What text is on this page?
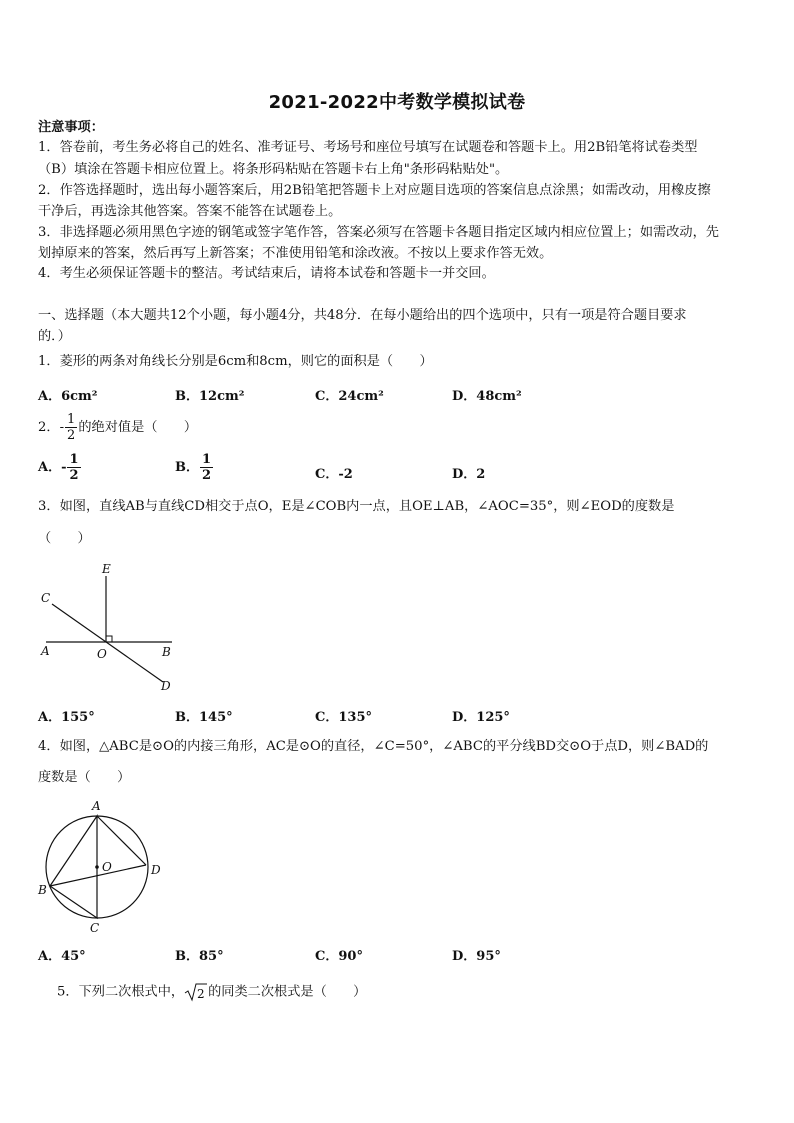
2021-2022中考数学模拟试卷
注意事项：
1．答卷前，考生务必将自己的姓名、准考证号、考场号和座位号填写在试题卷和答题卡上。用2B铅笔将试卷类型
（B）填涂在答题卡相应位置上。将条形码粘贴在答题卡右上角"条形码粘贴处"。
2．作答选择题时，选出每小题答案后，用2B铅笔把答题卡上对应题目选项的答案信息点涂黑；如需改动，用橡皮擦
干净后，再选涂其他答案。答案不能答在试题卷上。
3．非选择题必须用黑色字迹的钢笔或签字笔作答，答案必须写在答题卡各题目指定区域内相应位置上；如需改动，先
划掉原来的答案，然后再写上新答案；不准使用铅笔和涂改液。不按以上要求作答无效。
4．考生必须保证答题卡的整洁。考试结束后，请将本试卷和答题卡一并交回。
一、选择题（本大题共12个小题，每小题4分，共48分．在每小题给出的四个选项中，只有一项是符合题目要求
的．）
1．菱形的两条对角线长分别是6cm和8cm，则它的面积是（　　）
A．6cm²	B．12cm²	C．24cm²	D．48cm²
2．- $\frac{1}{2}$ 的绝对值是（　　）
A．- $\frac{1}{2}$	B． $\frac{1}{2}$	C．-2	D．2
3．如图，直线AB与直线CD相交于点O，E是∠COB内一点，且OE⊥AB，∠AOC=35°，则∠EOD的度数是
（　　）
E
C
A	O	B
D
A．155°	B．145°	C．135°	D．125°
4．如图，△ABC是⊙O的内接三角形，AC是⊙O的直径，∠C=50°，∠ABC的平分线BD交⊙O于点D，则∠BAD的
度数是（　　）
A
O
B
D
C
A．45°	B．85°	C．90°	D．95°
5．下列二次根式中， 2 的同类二次根式是（　　）
